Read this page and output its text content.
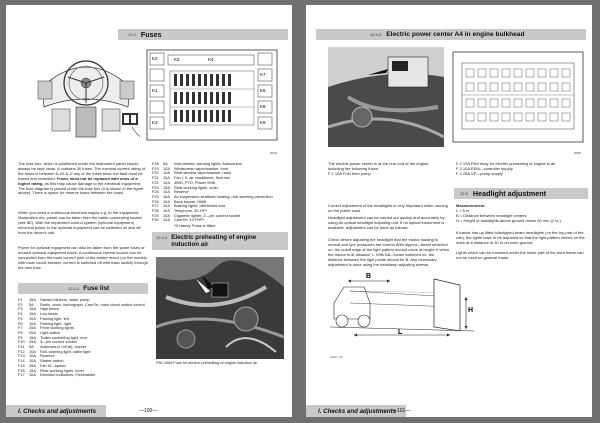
12.4. Fuses
K2	K5	K4
K7
K1	K6
K3
K8
K9
M679
The fuse box, which is positioned under the instrument panel should always be kept clean. It contains 30 fuses. The nominal current rating of the fuses is between 5–25 A. If any of the fuses blow, the fault must be traced and remedied. Fuses must not be replaced with ones of a higher rating, as this may cause damage to the electrical equipment. The fuse diagram is placed under the fuse box (it is shown in the figure above). There is space for reserve fuses between the fuses.
When you need a continuous electrical supply e.g. to the equipment, illumination etc. power can be taken from the trailer connecting socket (see 8E). With the implement control system (optional equipment) electrical power to the optional equipment can be switched on and off from the driver's cab.
Power for optional equipment can also be taken from the spare fuses or unused optional equipment fuses. A continuous current source can be connected from the main current pole of the starter motor (on the models with main circuit breaker, current is switched off with main switch) through the new fuse.
12.4.1. Fuse list
F1	15A	Hazard blinkers, water pump
F2	5A	Radio, clock, tachograph, CareTel, main circuit switch control
F3	15A	High beam
F4	15A	Low beam
F5	10A	Parking light, left
F6	10A	Parking light, right
F7	25A	Front working lights
F8	25A	Light switch
F9	15A	Trailer socket/fog light, rear
F10	25A	3—pin current socket
F11	5A	Autocontrol I-I/Eat), buzzer
F12	10A	Roll, warning light, cabin light
F13	10A	Reserve
F14	10A	Starter switch
F15	25A	Fan III—speed
F16	15A	Rear working lights, inner
F17	10A	Direction indicators, Fieldmaster
F18	5A	Instruments, warning lights, Autocontrol
F19	10A	Windscreen wiper/washer, front
F20	10A	Rear window wiper/washer, radio
F21	10A	Fan I, II, air conditioner, floor fan
F22	10A	4WD, PTO, Power Shift
F23	15A	Rear working lights, outer
F24	10A	Reserve
F25	15A	Air suspension seatbeat heating, rear steering prevention
F26	10A	Back buzzer, Hitlift
F27	10A	Braking lights, differential lock
F28	10A	Telephone, 2K-HP*
F29	10A	Cigarette lighter, 2—pin current socket
F30	10A	CareTel, 14 FHP*
*If Handy Frass is fitted
12.4.2. Electric preheating of engine induction air
F50 250A Fuse for electric preheating of engine induction air
l. Checks and adjustments	—100—
12.4.3. Electric power center A4 in engine bulkhead
M656
The electric power center is at the rear end of the engine, including the following fuses:
F 1 10A Fuel feed pump
F 2 10A Pilot relay for electric preheating of engine in-air
F 3 10A EEM—controller supply
F 4 25A VP—pump supply
12.5. Headlight adjustment
Correct adjustment of the headlights is very important when running on the public road.
Headlight adjustment can be carried out quickly and accurately by using an optical headlight adjusting unit. If no optical instrument is available, adjustment can be done as follows:
Check before adjusting the headlight that the tractor loading is normal and tyre pressures are correct.With dipped—beam switched on, the cutoff edge of the light pattern should come at height H when the tractor is at distance L. With full—beam switched on, the distance between the light points should be B. Any necessary adjustment is done using the headlamp adjusting screws.
Measurements:
L = 5 m
B = Distance between headlight centers
H = Height of headlights above ground minus 50 mm (2 in.)
If tractor has up lifted fullsdipped beam headlights (on the top part of the cab), the lights have to be adjusted so that the light pattern shines on the mark at a distance of 30 m on even ground.
Lights which can be mounted under the lower part of the front frame can not be used on general roads.
B
H
L
A312—74
l. Checks and adjustments
—101—
